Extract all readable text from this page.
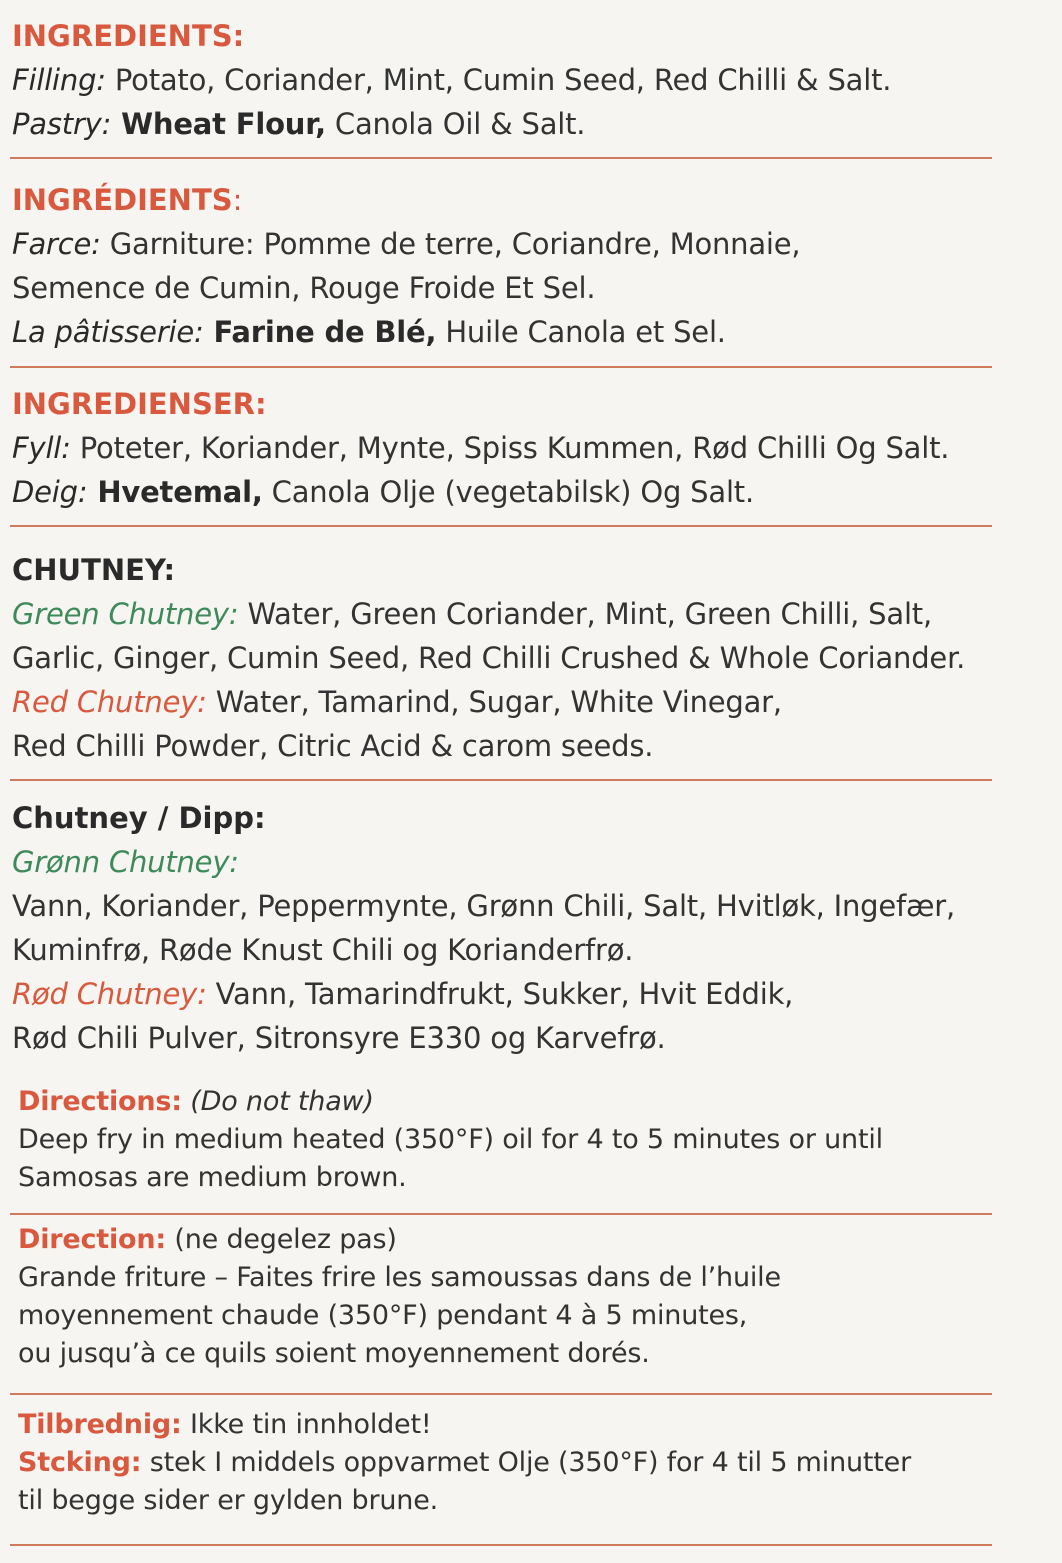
INGREDIENTS:
Filling: Potato, Coriander, Mint, Cumin Seed, Red Chilli & Salt.
Pastry: Wheat Flour, Canola Oil & Salt.
INGRÉDIENTS:
Farce: Garniture: Pomme de terre, Coriandre, Monnaie,
Semence de Cumin, Rouge Froide Et Sel.
La pâtisserie: Farine de Blé, Huile Canola et Sel.
INGREDIENSER:
Fyll: Poteter, Koriander, Mynte, Spiss Kummen, Rød Chilli Og Salt.
Deig: Hvetemal, Canola Olje (vegetabilsk) Og Salt.
CHUTNEY:
Green Chutney: Water, Green Coriander, Mint, Green Chilli, Salt,
Garlic, Ginger, Cumin Seed, Red Chilli Crushed & Whole Coriander.
Red Chutney: Water, Tamarind, Sugar, White Vinegar,
Red Chilli Powder, Citric Acid & carom seeds.
Chutney / Dipp:
Grønn Chutney:
Vann, Koriander, Peppermynte, Grønn Chili, Salt, Hvitløk, Ingefær,
Kuminfrø, Røde Knust Chili og Korianderfrø.
Rød Chutney: Vann, Tamarindfrukt, Sukker, Hvit Eddik,
Rød Chili Pulver, Sitronsyre E330 og Karvefrø.
Directions: (Do not thaw)
Deep fry in medium heated (350°F) oil for 4 to 5 minutes or until
Samosas are medium brown.
Direction: (ne degelez pas)
Grande friture – Faites frire les samoussas dans de l’huile
moyennement chaude (350°F) pendant 4 à 5 minutes,
ou jusqu’à ce quils soient moyennement dorés.
Tilbrednig: Ikke tin innholdet!
Stcking: stek I middels oppvarmet Olje (350°F) for 4 til 5 minutter
til begge sider er gylden brune.
